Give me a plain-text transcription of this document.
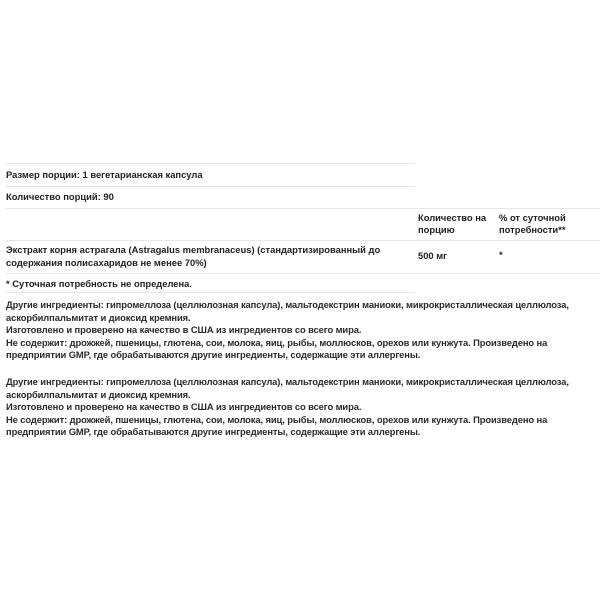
Размер порции: 1 вегетарианская капсула
Количество порций: 90
Количество на
порцию
% от суточной
потребности**
Экстракт корня астрагала (Astragalus membranaceus) (стандартизированный до
содержания полисахаридов не менее 70%)
500 мг	*
* Суточная потребность не определена.
Другие ингредиенты: гипромеллоза (целлюлозная капсула), мальтодекстрин маниоки, микрокристаллическая целлюлоза,
аскорбилпальмитат и диоксид кремния.
Изготовлено и проверено на качество в США из ингредиентов со всего мира.
Не содержит: дрожжей, пшеницы, глютена, сои, молока, яиц, рыбы, моллюсков, орехов или кунжута. Произведено на
предприятии GMP, где обрабатываются другие ингредиенты, содержащие эти аллергены.
Другие ингредиенты: гипромеллоза (целлюлозная капсула), мальтодекстрин маниоки, микрокристаллическая целлюлоза,
аскорбилпальмитат и диоксид кремния.
Изготовлено и проверено на качество в США из ингредиентов со всего мира.
Не содержит: дрожжей, пшеницы, глютена, сои, молока, яиц, рыбы, моллюсков, орехов или кунжута. Произведено на
предприятии GMP, где обрабатываются другие ингредиенты, содержащие эти аллергены.
